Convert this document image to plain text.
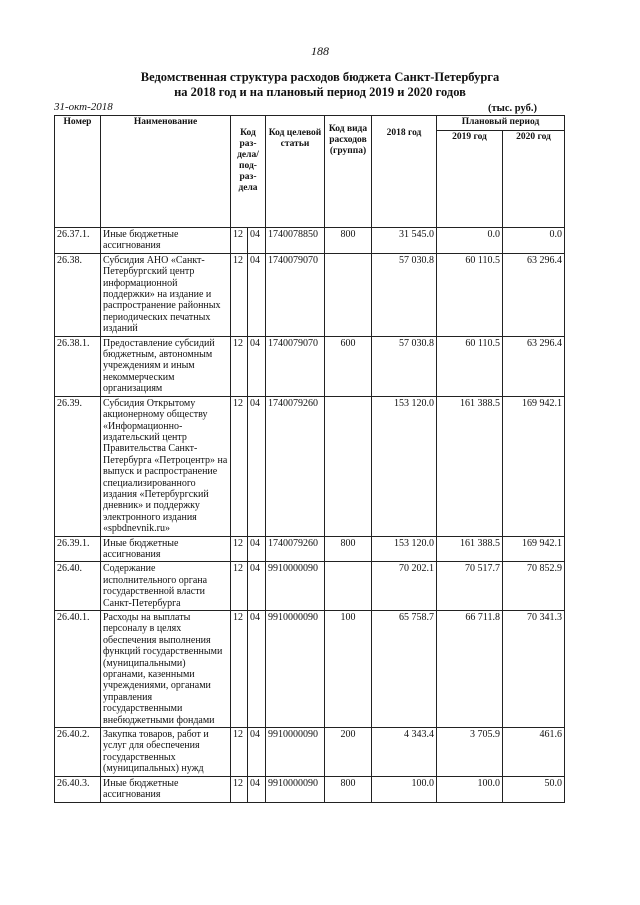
188
Ведомственная структура расходов бюджета Санкт-Петербурга
на 2018 год и на плановый период 2019 и 2020 годов
31-окт-2018	(тыс. руб.)
Номер	Наименование	Код раз-дела/ под-раз-дела		Код целевой статьи	Код вида расходов (группа)	2018 год	Плановый период	
							2019 год	2020 год
26.37.1.	Иные бюджетные ассигнования	12	04	1740078850	800	31 545.0	0.0	0.0
26.38.	Субсидия АНО «Санкт-Петербургский центр информационной поддержки» на издание и распространение районных периодических печатных изданий	12	04	1740079070		57 030.8	60 110.5	63 296.4
26.38.1.	Предоставление субсидий бюджетным, автономным учреждениям и иным некоммерческим организациям	12	04	1740079070	600	57 030.8	60 110.5	63 296.4
26.39.	Субсидия Открытому акционерному обществу «Информационно-издательский центр Правительства Санкт-Петербурга «Петроцентр» на выпуск и распространение специализированного издания «Петербургский дневник» и поддержку электронного издания «spbdnevnik.ru»	12	04	1740079260		153 120.0	161 388.5	169 942.1
26.39.1.	Иные бюджетные ассигнования	12	04	1740079260	800	153 120.0	161 388.5	169 942.1
26.40.	Содержание исполнительного органа государственной власти Санкт-Петербурга	12	04	9910000090		70 202.1	70 517.7	70 852.9
26.40.1.	Расходы на выплаты персоналу в целях обеспечения выполнения функций государственными (муниципальными) органами, казенными учреждениями, органами управления государственными внебюджетными фондами	12	04	9910000090	100	65 758.7	66 711.8	70 341.3
26.40.2.	Закупка товаров, работ и услуг для обеспечения государственных (муниципальных) нужд	12	04	9910000090	200	4 343.4	3 705.9	461.6
26.40.3.	Иные бюджетные ассигнования	12	04	9910000090	800	100.0	100.0	50.0
